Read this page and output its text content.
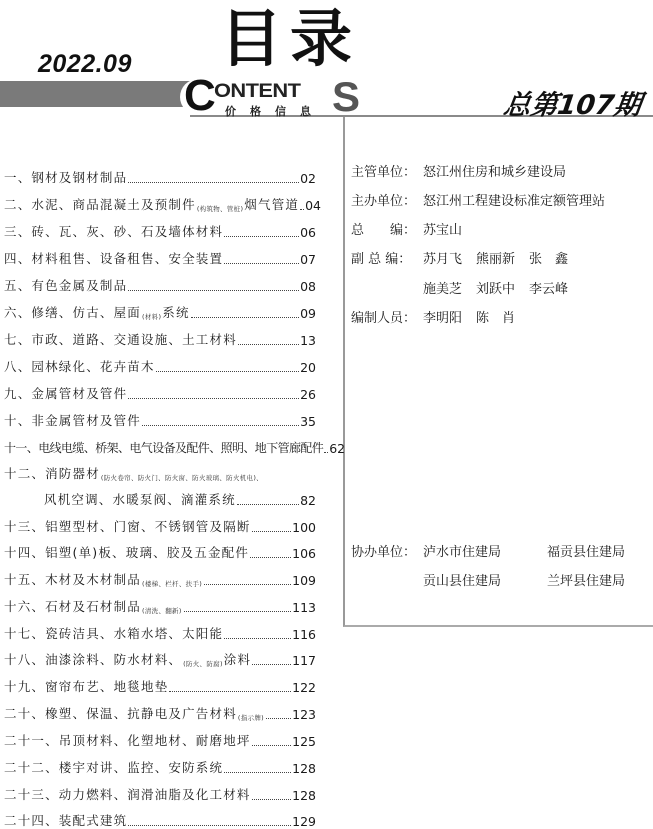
2022.09 目录
C
ONTENT S
价格信息	总第107期
一、钢材及钢材制品	02
二、水泥、商品混凝土及预制件 (构筑物、管桩) 烟气管道 04
三、砖、瓦、灰、砂、石及墙体材料	06
四、材料租售、设备租售、安全装置	07
五、有色金属及制品	08
六、修缮、仿古、屋面 (材料) 系统	09
七、市政、道路、交通设施、土工材料	13
八、园林绿化、花卉苗木	20
九、金属管材及管件	26
十、非金属管材及管件	35
十一、电线电缆、桥架、电气设备及配件、照明、地下管廊配件 62
十二、消防器材 (防火卷帘、防火门、防火窗、防火玻璃、防火机电)、
风机空调、水暖泵阀、滴灌系统	82
十三、铝塑型材、门窗、不锈钢管及隔断	100
十四、铝塑(单)板、玻璃、胶及五金配件	106
十五、木材及木材制品 (楼梯、栏杆、扶手)	109
十六、石材及石材制品 (清洗、翻新)	113
十七、瓷砖洁具、水箱水塔、太阳能	116
十八、油漆涂料、防水材料、 (防火、防腐) 涂料	117
十九、窗帘布艺、地毯地垫	122
二十、橡塑、保温、抗静电及广告材料 (指示牌) 123
二十一、吊顶材料、化塑地材、耐磨地坪	125
二十二、楼宇对讲、监控、安防系统	128
二十三、动力燃料、润滑油脂及化工材料	128
二十四、装配式建筑	129
主管单位： 怒江州住房和城乡建设局
主办单位： 怒江州工程建设标准定额管理站
总　　编： 苏宝山
副 总 编： 苏月飞 熊丽新 张　鑫
施美芝 刘跃中 李云峰
编制人员： 李明阳 陈　肖
协办单位： 泸水市住建局	福贡县住建局
贡山县住建局	兰坪县住建局
